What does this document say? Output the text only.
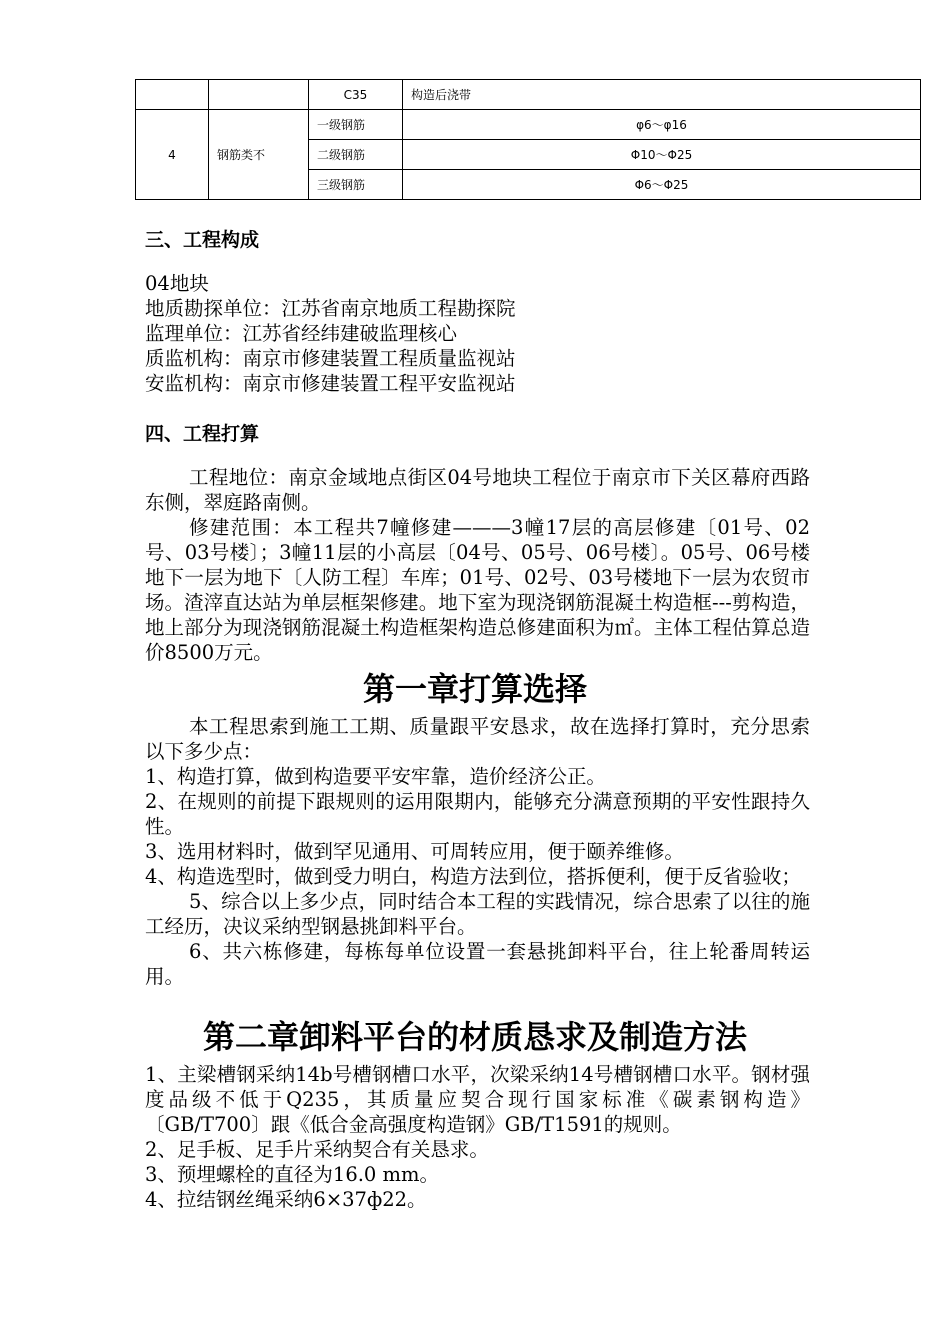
		C35	构造后浇带
4	钢筋类不	一级钢筋	φ6～φ16
		二级钢筋	Φ10～Φ25
		三级钢筋	Φ6～Φ25
三、工程构成
04地块
地质勘探单位：江苏省南京地质工程勘探院
监理单位：江苏省经纬建破监理核心
质监机构：南京市修建装置工程质量监视站
安监机构：南京市修建装置工程平安监视站
四、工程打算

工程地位：南京金域地点街区04号地块工程位于南京市下关区幕府西路东侧，翠庭路南侧。

修建范围：本工程共7幢修建———3幢17层的高层修建〔01号、02号、03号楼〕；3幢11层的小高层〔04号、05号、06号楼〕。05号、06号楼地下一层为地下〔人防工程〕车库；01号、02号、03号楼地下一层为农贸市场。渣滓直达站为单层框架修建。地下室为现浇钢筋混凝土构造框---剪构造，地上部分为现浇钢筋混凝土构造框架构造总修建面积为㎡。主体工程估算总造价8500万元。

第一章打算选择

本工程思索到施工工期、质量跟平安恳求，故在选择打算时，充分思索以下多少点：

1、构造打算，做到构造要平安牢靠，造价经济公正。

2、在规则的前提下跟规则的运用限期内，能够充分满意预期的平安性跟持久性。

3、选用材料时，做到罕见通用、可周转应用，便于颐养维修。

4、构造选型时，做到受力明白，构造方法到位，搭拆便利，便于反省验收；

5、综合以上多少点，同时结合本工程的实践情况，综合思索了以往的施工经历，决议采纳型钢悬挑卸料平台。

6、共六栋修建，每栋每单位设置一套悬挑卸料平台，往上轮番周转运用。

第二章卸料平台的材质恳求及制造方法

1、主梁槽钢采纳14b号槽钢槽口水平，次梁采纳14号槽钢槽口水平。钢材强度品级不低于Q235，其质量应契合现行国家标准《碳素钢构造》〔GB/T700〕跟《低合金高强度构造钢》GB/T1591的规则。

2、足手板、足手片采纳契合有关恳求。

3、预埋螺栓的直径为16.0 mm。

4、拉结钢丝绳采纳6×37ф22。
